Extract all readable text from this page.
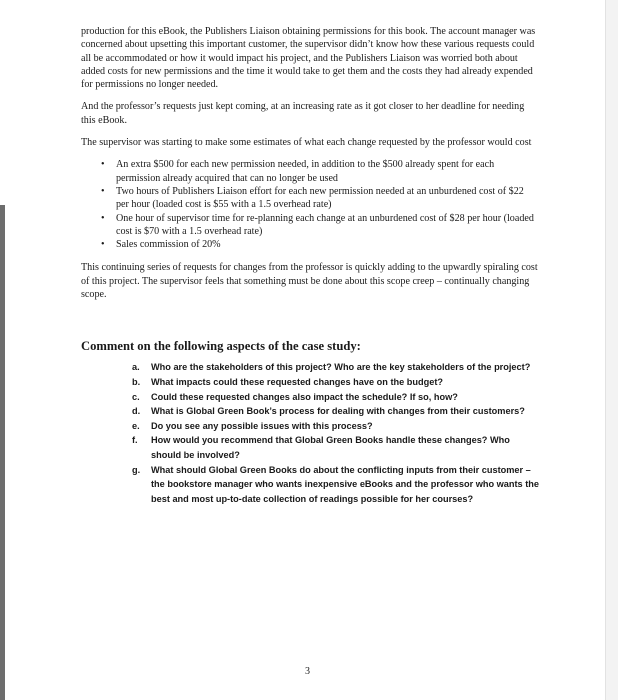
production for this eBook, the Publishers Liaison obtaining permissions for this book. The account manager was concerned about upsetting this important customer, the supervisor didn’t know how these various requests could all be accommodated or how it would impact his project, and the Publishers Liaison was worried both about added costs for new permissions and the time it would take to get them and the costs they had already expended for permissions no longer needed.

And the professor’s requests just kept coming, at an increasing rate as it got closer to her deadline for needing this eBook.

The supervisor was starting to make some estimates of what each change requested by the professor would cost

• An extra $500 for each new permission needed, in addition to the $500 already spent for each permission already acquired that can no longer be used
• Two hours of Publishers Liaison effort for each new permission needed at an unburdened cost of $22 per hour (loaded cost is $55 with a 1.5 overhead rate)
• One hour of supervisor time for re-planning each change at an unburdened cost of $28 per hour (loaded cost is $70 with a 1.5 overhead rate)
• Sales commission of 20%

This continuing series of requests for changes from the professor is quickly adding to the upwardly spiraling cost of this project. The supervisor feels that something must be done about this scope creep – continually changing scope.

Comment on the following aspects of the case study:
a. Who are the stakeholders of this project? Who are the key stakeholders of the project?
b. What impacts could these requested changes have on the budget?
c. Could these requested changes also impact the schedule? If so, how?
d. What is Global Green Book’s process for dealing with changes from their customers?
e. Do you see any possible issues with this process?
f. How would you recommend that Global Green Books handle these changes? Who should be involved?
g. What should Global Green Books do about the conflicting inputs from their customer – the bookstore manager who wants inexpensive eBooks and the professor who wants the best and most up-to-date collection of readings possible for her courses?
3
